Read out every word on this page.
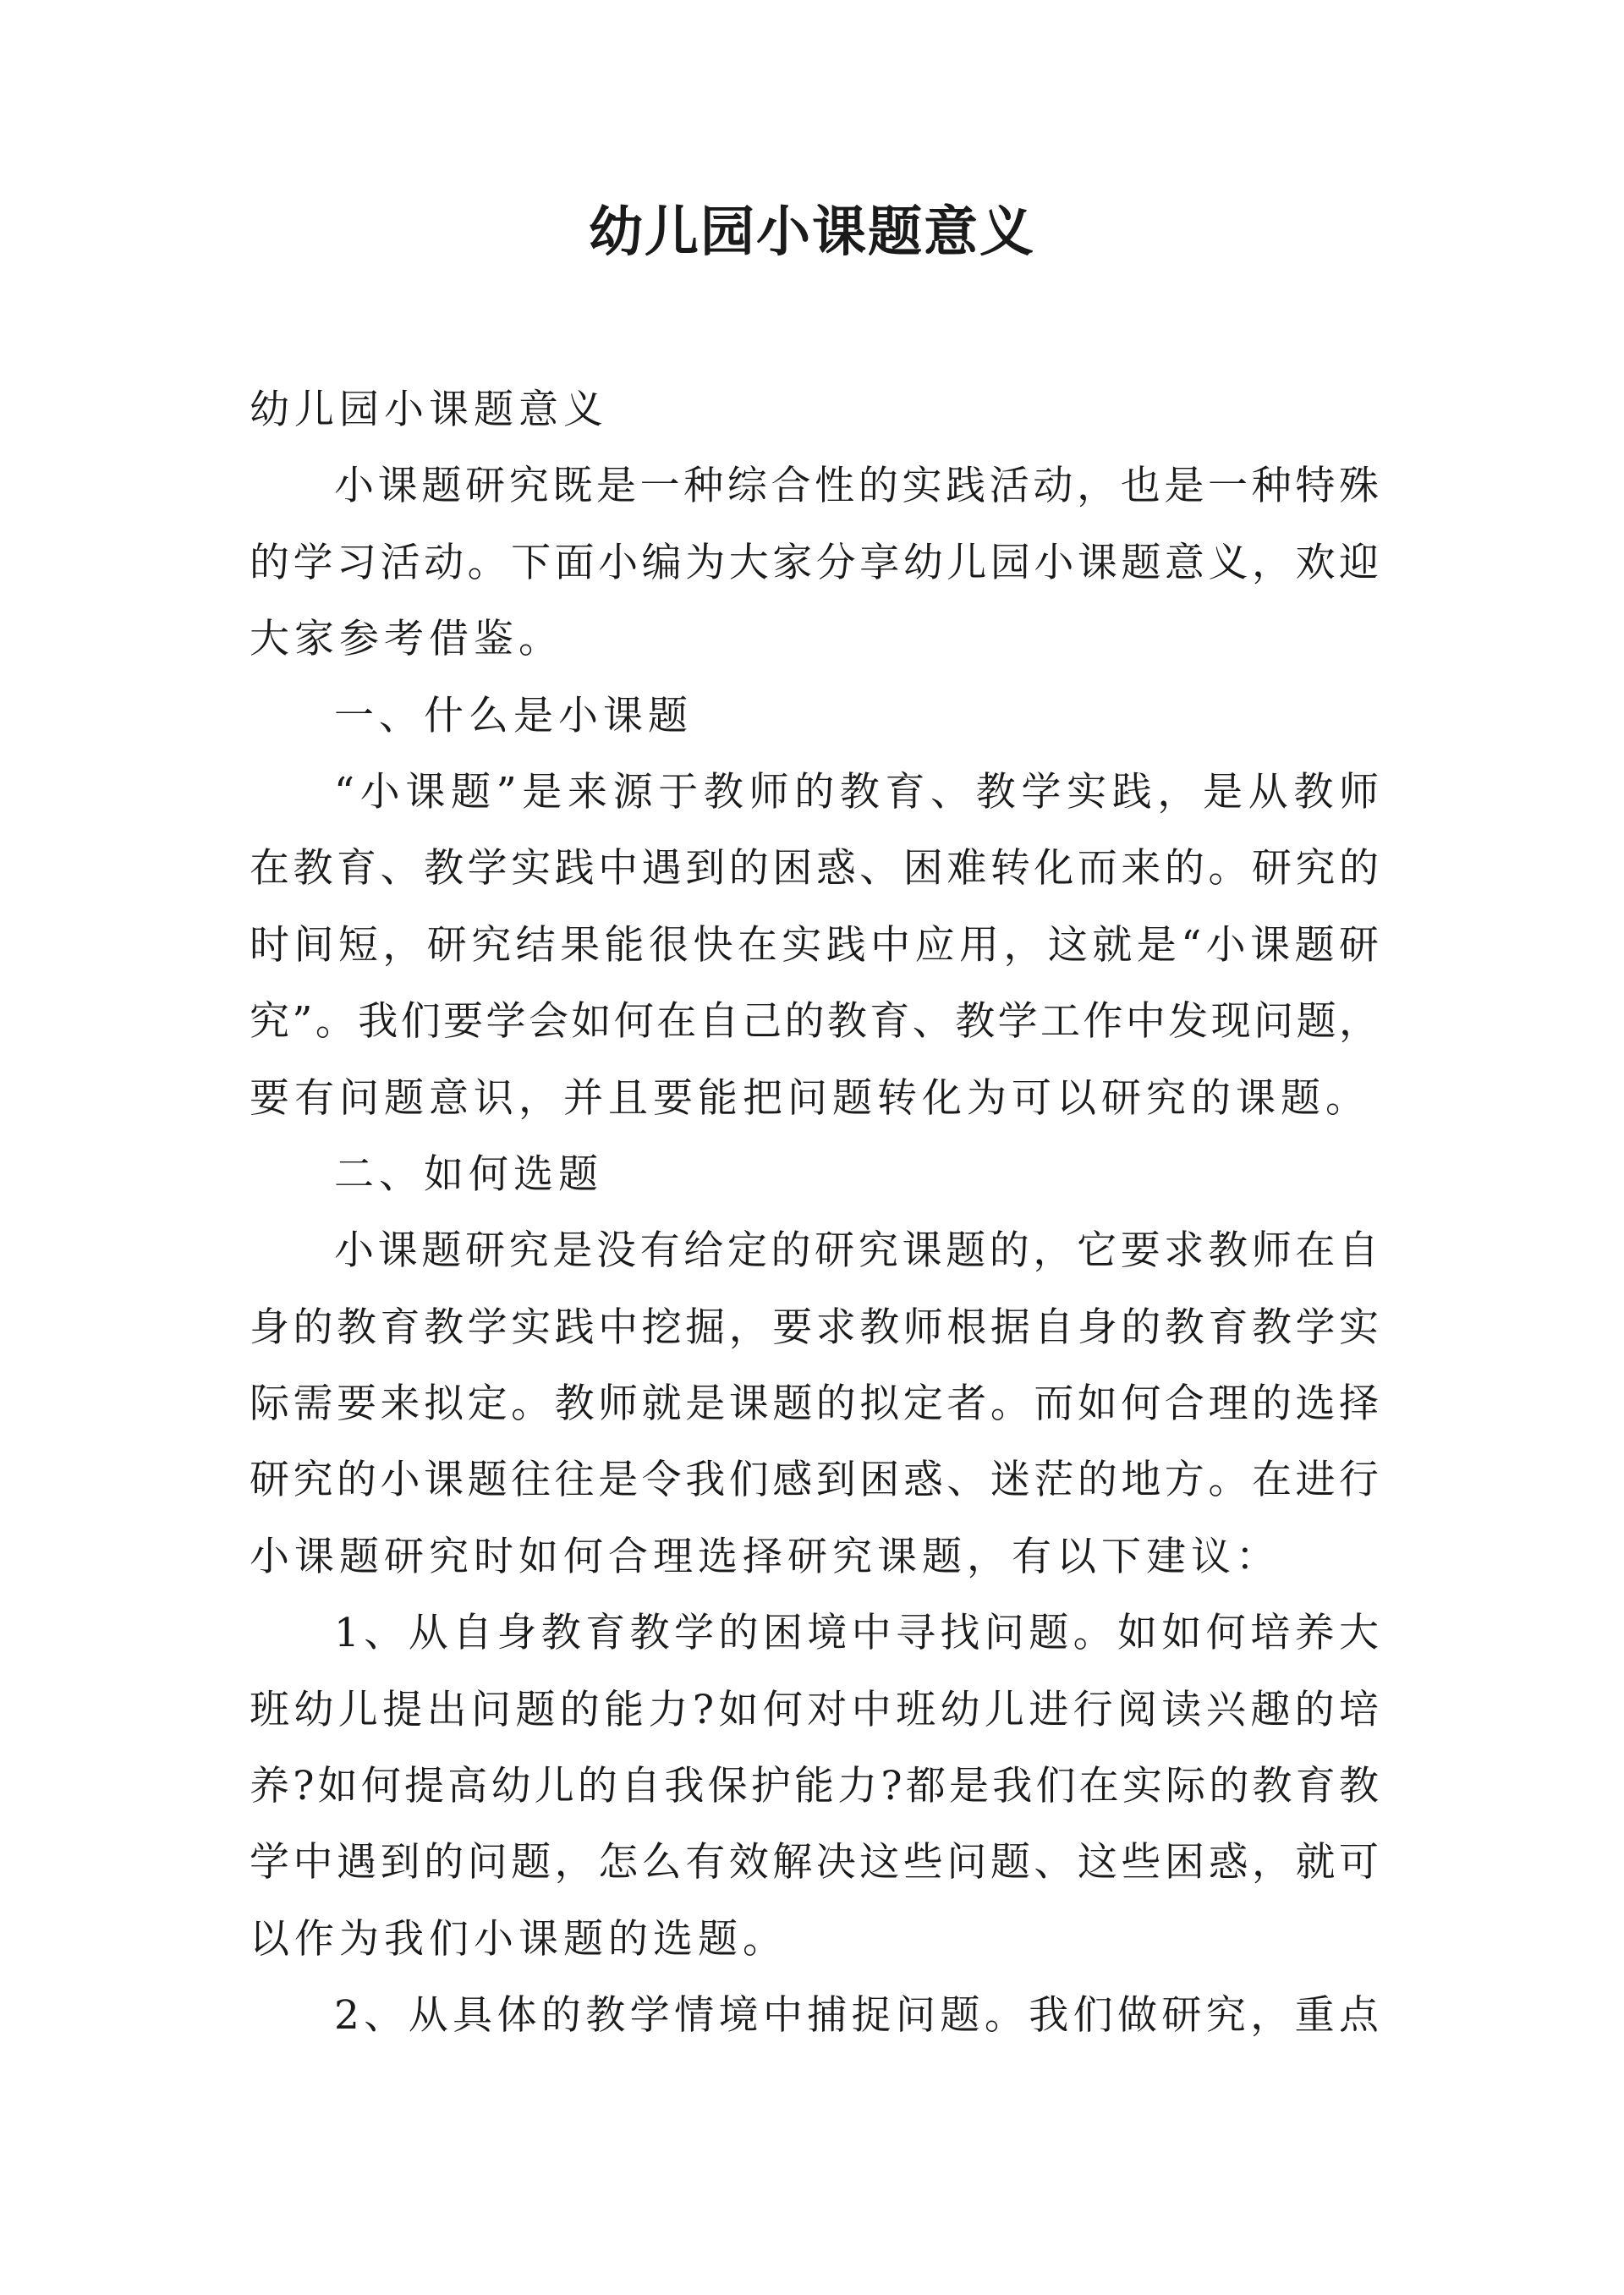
幼儿园小课题意义
幼儿园小课题意义
小课题研究既是一种综合性的实践活动，也是一种特殊
的学习活动。下面小编为大家分享幼儿园小课题意义，欢迎
大家参考借鉴。
一、什么是小课题
“小课题”是来源于教师的教育、教学实践，是从教师
在教育、教学实践中遇到的困惑、困难转化而来的。研究的
时间短，研究结果能很快在实践中应用，这就是“小课题研
究”。我们要学会如何在自己的教育、教学工作中发现问题，
要有问题意识，并且要能把问题转化为可以研究的课题。
二、如何选题
小课题研究是没有给定的研究课题的，它要求教师在自
身的教育教学实践中挖掘，要求教师根据自身的教育教学实
际需要来拟定。教师就是课题的拟定者。而如何合理的选择
研究的小课题往往是令我们感到困惑、迷茫的地方。在进行
小课题研究时如何合理选择研究课题，有以下建议：
1、从自身教育教学的困境中寻找问题。如如何培养大
班幼儿提出问题的能力?如何对中班幼儿进行阅读兴趣的培
养?如何提高幼儿的自我保护能力?都是我们在实际的教育教
学中遇到的问题，怎么有效解决这些问题、这些困惑，就可
以作为我们小课题的选题。
2、从具体的教学情境中捕捉问题。我们做研究，重点
